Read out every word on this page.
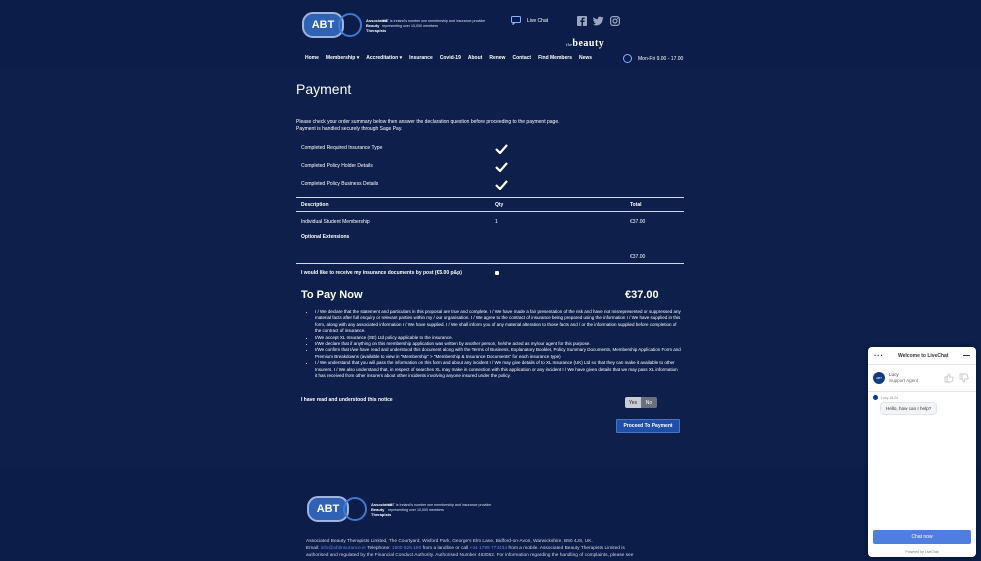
ABT	Associated Beauty Therapists
ABT is Ireland's number one membership and insurance provider representing over 10,000 members
Live Chat
thebeauty
Home Membership ▾ Accreditation ▾ Insurance Covid-19 About Renew Contact Find Members News	Mon-Fri 9.00 - 17.00
Payment
Please check your order summary below then answer the declaration question before proceeding to the payment page.
Payment is handled securely through Sage Pay.
Completed Required Insurance Type
Completed Policy Holder Details
Completed Policy Business Details
Description	Qty	Total
Individual Student Membership	1	€37.00
Optional Extensions
€37.00
I would like to receive my insurance documents by post (€5.00 p&p)
To Pay Now	€37.00
• I / We declare that the statement and particulars in this proposal are true and complete. I / We have made a fair presentation of the risk and have not misrepresented or suppressed any material facts after full enquiry or relevant parties within my / our organisation. I / We agree to the contract of insurance being prepared using the information I / We have supplied in this form, along with any associated information I / We have supplied. I / We shall inform you of any material alteration to those facts and / or the information supplied before completion of the contract of insurance.
• I/We accept XL Insurance (SE) Ltd policy applicable to the insurance.
• I/We declare that if anything on this membership application was written by another person, he/she acted as my/our agent for this purpose.
• I/We confirm that I/we have read and understood this document along with the Terms of Business, Explanatory Booklet, Policy Summary Documents, Membership Application Form and Premium Breakdowns (available to view in "Membership" > "Membership & Insurance Documents" for each insurance type)
• I / We understand that you will pass the information on this form and about any incident I / We may give details of to XL Insurance (UK) Ltd so that they can make it available to other Insurers. I / We also understand that, in respect of searches XL may make in connection with this application or any incident I / We have given details that we may pass XL information it has received from other insurers about other incidents involving anyone insured under the policy.
I have read and understood this notice	Yes	No
Proceed To Payment
ABT	Associated Beauty Therapists
ABT is Ireland's number one membership and insurance provider representing over 10,000 members
Associated Beauty Therapists Limited, The Courtyard, Wixford Park, George's Elm Lane, Bidford-on-Avon, Warwickshire, B50 4JS, UK.
Email: info@abtinsurance.ie Telephone: 1800 625 180 from a landline or call +44 1789 773434 from a mobile. Associated Beauty Therapists Limited is
authorised and regulated by the Financial Conduct Authority. Authorised Number 463052. For information regarding the handling of complaints, please see
···	Welcome to LiveChat
ABT
Lucy
Support Agent
Lucy 15:24
Hello, how can I help?
Chat now
Powered by LiveChat
